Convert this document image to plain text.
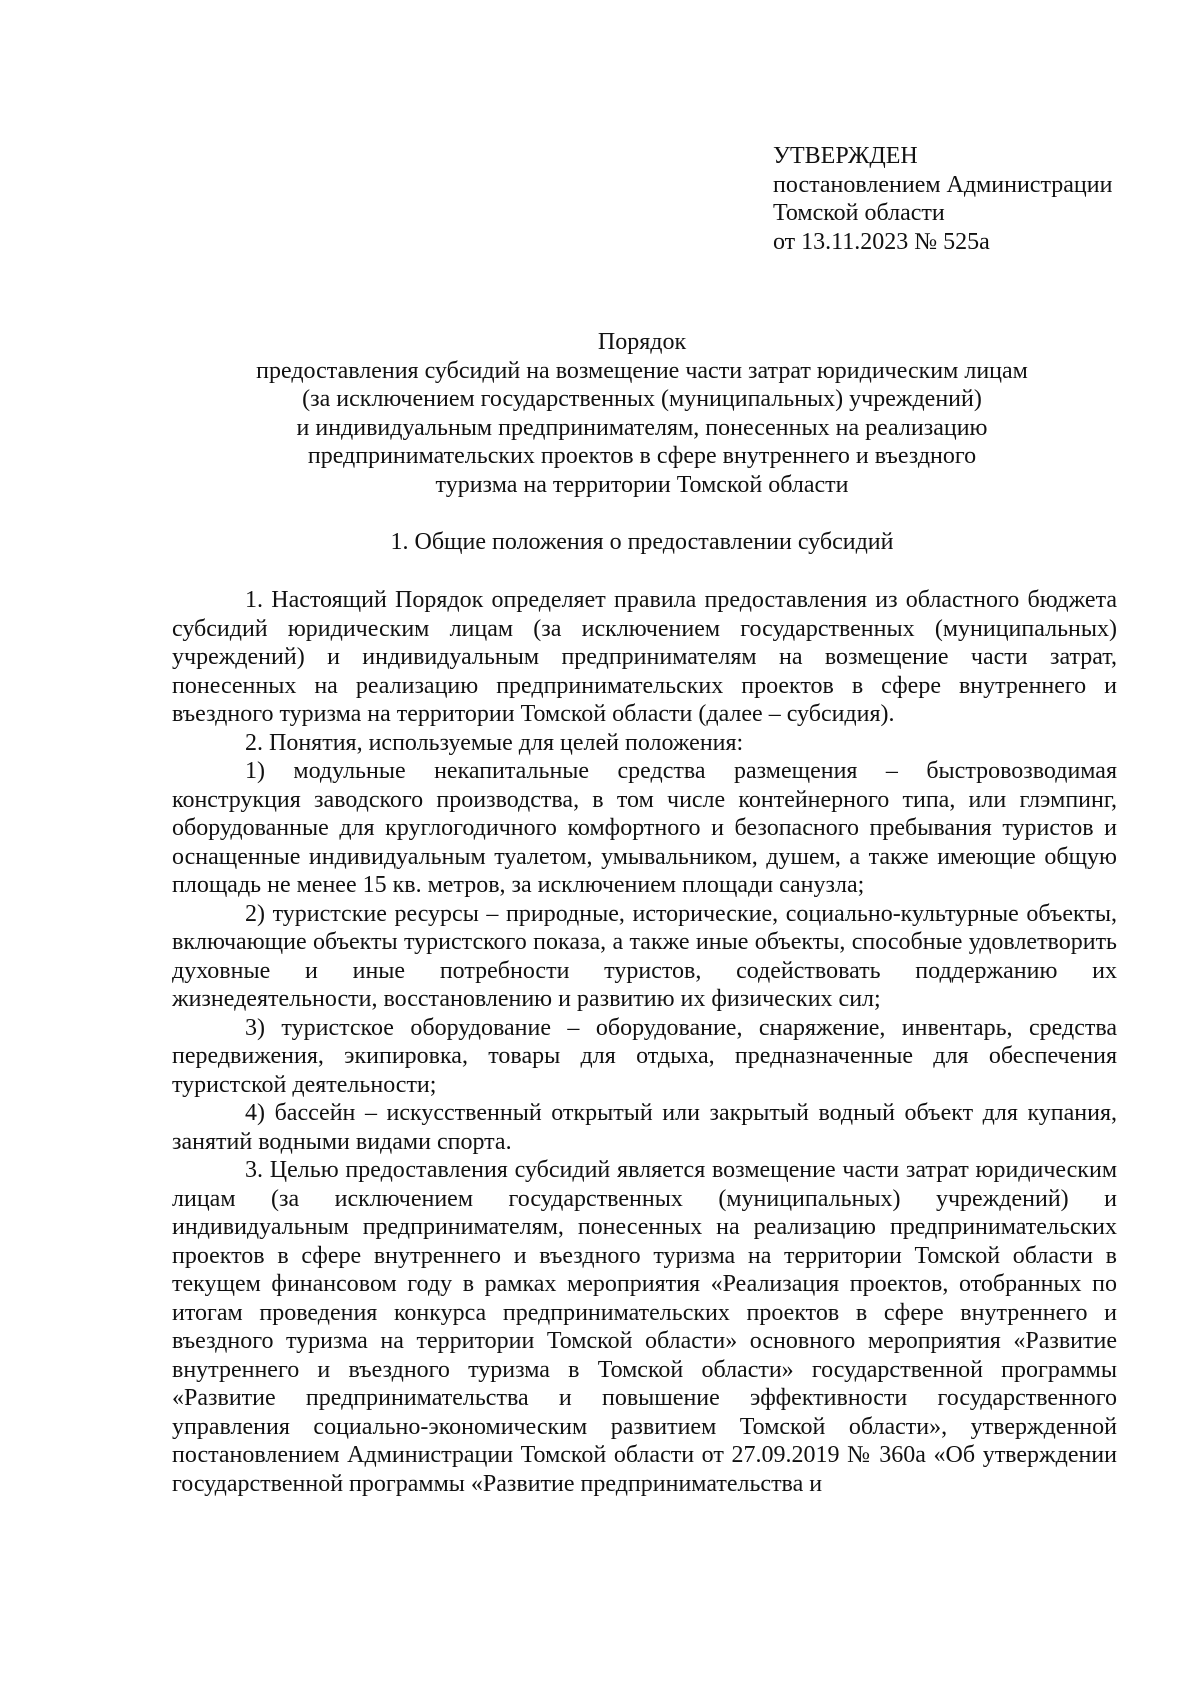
УТВЕРЖДЕН
постановлением Администрации
Томской области
от 13.11.2023 № 525а
Порядок
предоставления субсидий на возмещение части затрат юридическим лицам
(за исключением государственных (муниципальных) учреждений)
и индивидуальным предпринимателям, понесенных на реализацию
предпринимательских проектов в сфере внутреннего и въездного
туризма на территории Томской области
1. Общие положения о предоставлении субсидий

1. Настоящий Порядок определяет правила предоставления из областного бюджета субсидий юридическим лицам (за исключением государственных (муниципальных) учреждений) и индивидуальным предпринимателям на возмещение части затрат, понесенных на реализацию предпринимательских проектов в сфере внутреннего и въездного туризма на территории Томской области (далее – субсидия).

2. Понятия, используемые для целей положения:

1) модульные некапитальные средства размещения – быстровозводимая конструкция заводского производства, в том числе контейнерного типа, или глэмпинг, оборудованные для круглогодичного комфортного и безопасного пребывания туристов и оснащенные индивидуальным туалетом, умывальником, душем, а также имеющие общую площадь не менее 15 кв. метров, за исключением площади санузла;

2) туристские ресурсы – природные, исторические, социально-культурные объекты, включающие объекты туристского показа, а также иные объекты, способные удовлетворить духовные и иные потребности туристов, содействовать поддержанию их жизнедеятельности, восстановлению и развитию их физических сил;

3) туристское оборудование – оборудование, снаряжение, инвентарь, средства передвижения, экипировка, товары для отдыха, предназначенные для обеспечения туристской деятельности;

4) бассейн – искусственный открытый или закрытый водный объект для купания, занятий водными видами спорта.

3. Целью предоставления субсидий является возмещение части затрат юридическим лицам (за исключением государственных (муниципальных) учреждений) и индивидуальным предпринимателям, понесенных на реализацию предпринимательских проектов в сфере внутреннего и въездного туризма на территории Томской области в текущем финансовом году в рамках мероприятия «Реализация проектов, отобранных по итогам проведения конкурса предпринимательских проектов в сфере внутреннего и въездного туризма на территории Томской области» основного мероприятия «Развитие внутреннего и въездного туризма в Томской области» государственной программы «Развитие предпринимательства и повышение эффективности государственного управления социально-экономическим развитием Томской области», утвержденной постановлением Администрации Томской области от 27.09.2019 № 360а «Об утверждении государственной программы «Развитие предпринимательства и
